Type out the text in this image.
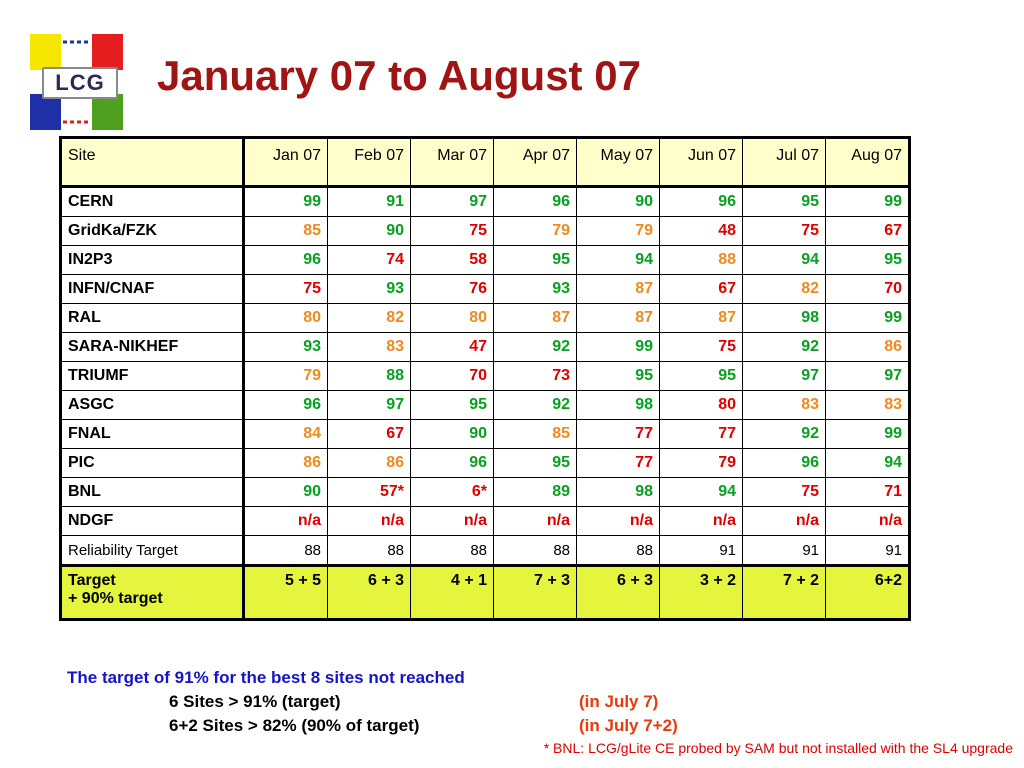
LCG	January 07 to August 07
Site	Jan 07	Feb 07	Mar 07	Apr 07	May 07	Jun 07	Jul 07	Aug 07
CERN	99	91	97	96	90	96	95	99
GridKa/FZK	85	90	75	79	79	48	75	67
IN2P3	96	74	58	95	94	88	94	95
INFN/CNAF	75	93	76	93	87	67	82	70
RAL	80	82	80	87	87	87	98	99
SARA-NIKHEF	93	83	47	92	99	75	92	86
TRIUMF	79	88	70	73	95	95	97	97
ASGC	96	97	95	92	98	80	83	83
FNAL	84	67	90	85	77	77	92	99
PIC	86	86	96	95	77	79	96	94
BNL	90	57*	6*	89	98	94	75	71
NDGF	n/a	n/a	n/a	n/a	n/a	n/a	n/a	n/a
Reliability Target	88	88	88	88	88	91	91	91

Target
+ 90% target	5 + 5	6 + 3	4 + 1	7 + 3	6 + 3	3 + 2	7 + 2	6+2
The target of 91% for the best 8 sites not reached
6 Sites > 91% (target)	(in July 7)
6+2 Sites > 82% (90% of target)	(in July 7+2)
* BNL: LCG/gLite CE probed by SAM but not installed with the SL4 upgrade
